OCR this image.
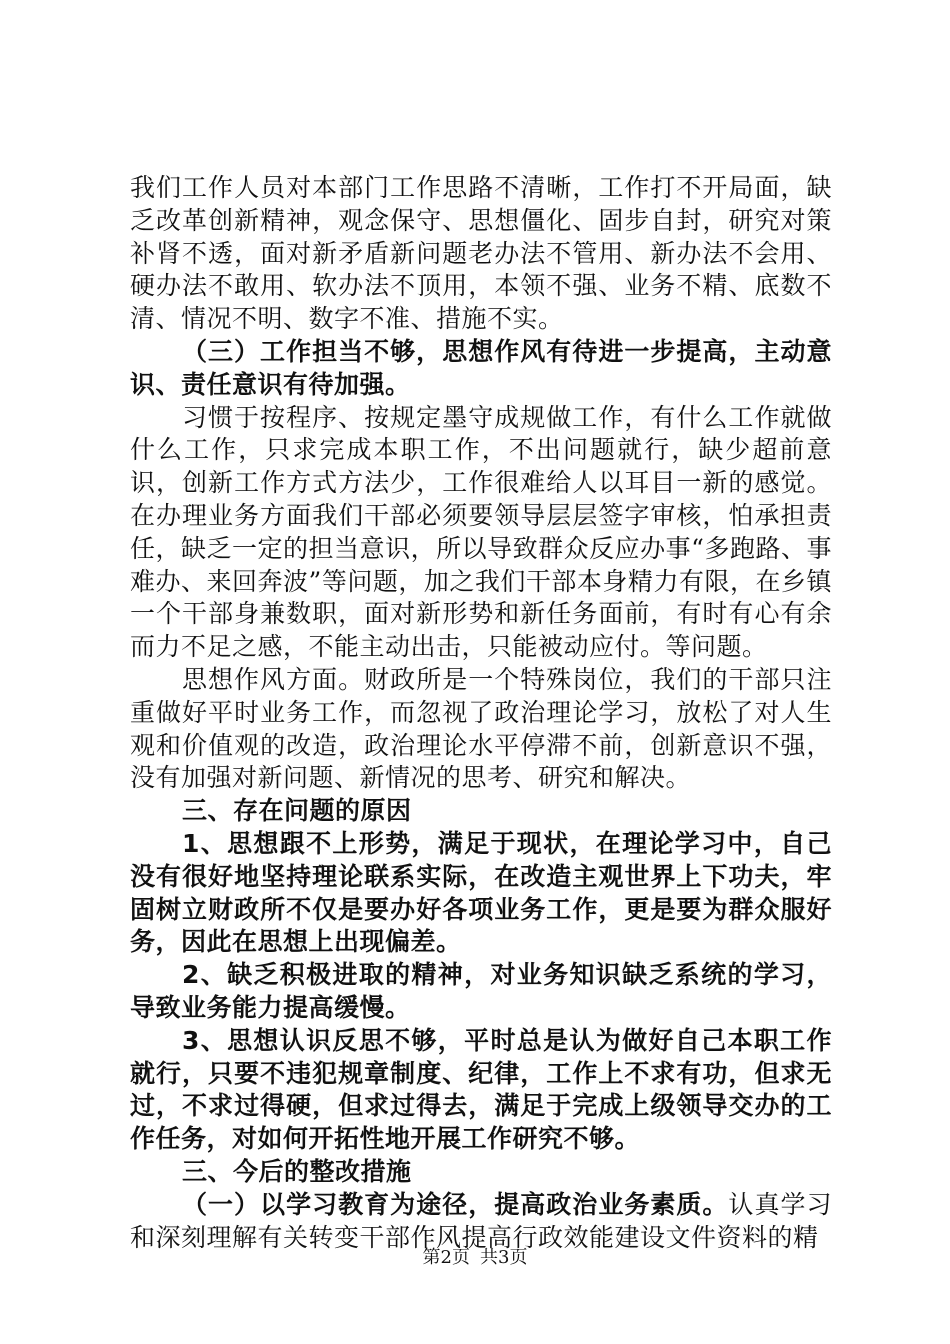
我们工作人员对本部门工作思路不清晰，工作打不开局面，缺乏改革创新精神，观念保守、思想僵化、固步自封，研究对策补肾不透，面对新矛盾新问题老办法不管用、新办法不会用、硬办法不敢用、软办法不顶用，本领不强、业务不精、底数不清、情况不明、数字不准、措施不实。

（三）工作担当不够，思想作风有待进一步提高，主动意识、责任意识有待加强。

习惯于按程序、按规定墨守成规做工作，有什么工作就做什么工作，只求完成本职工作，不出问题就行，缺少超前意识，创新工作方式方法少，工作很难给人以耳目一新的感觉。在办理业务方面我们干部必须要领导层层签字审核，怕承担责任，缺乏一定的担当意识，所以导致群众反应办事“多跑路、事难办、来回奔波”等问题，加之我们干部本身精力有限，在乡镇一个干部身兼数职，面对新形势和新任务面前，有时有心有余而力不足之感，不能主动出击，只能被动应付。等问题。

思想作风方面。财政所是一个特殊岗位，我们的干部只注重做好平时业务工作，而忽视了政治理论学习，放松了对人生观和价值观的改造，政治理论水平停滞不前，创新意识不强，没有加强对新问题、新情况的思考、研究和解决。

三、存在问题的原因

1、思想跟不上形势，满足于现状，在理论学习中，自己没有很好地坚持理论联系实际，在改造主观世界上下功夫，牢固树立财政所不仅是要办好各项业务工作，更是要为群众服好务，因此在思想上出现偏差。

2、缺乏积极进取的精神，对业务知识缺乏系统的学习，导致业务能力提高缓慢。

3、思想认识反思不够，平时总是认为做好自己本职工作就行，只要不违犯规章制度、纪律，工作上不求有功，但求无过，不求过得硬，但求过得去，满足于完成上级领导交办的工作任务，对如何开拓性地开展工作研究不够。

三、今后的整改措施

（一）以学习教育为途径，提高政治业务素质。认真学习和深刻理解有关转变干部作风提高行政效能建设文件资料的精

第2页 共3页
